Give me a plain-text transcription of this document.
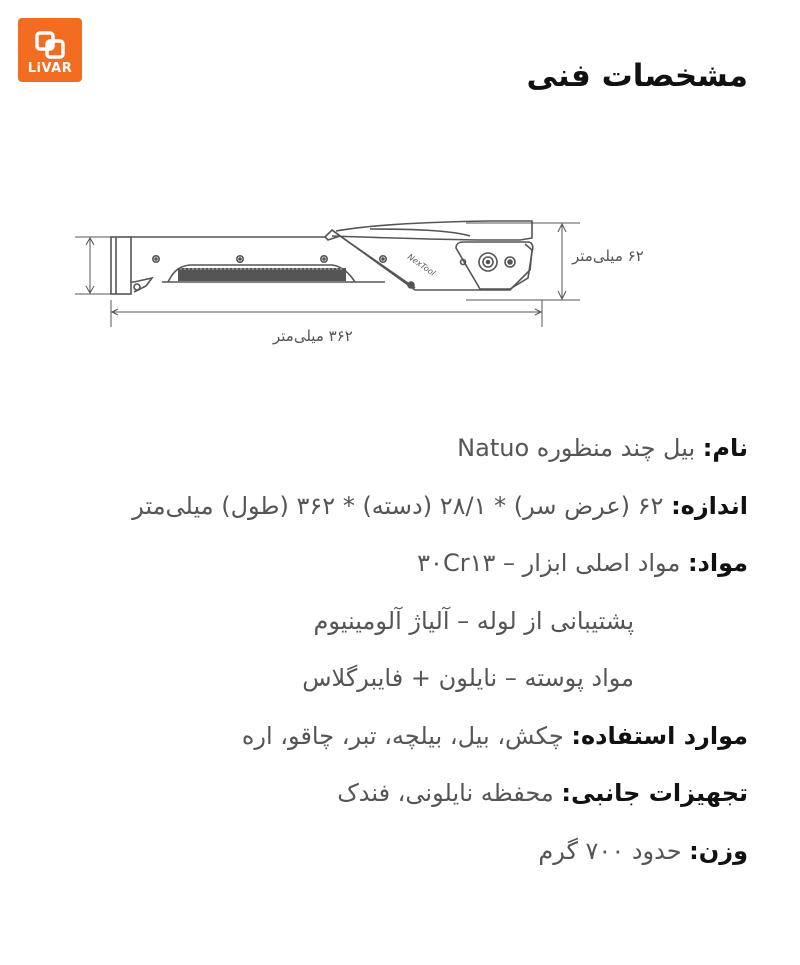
LiVAR	مشخصات فنی
NexTool	۶۲ میلی‌متر
۳۶۲ میلی‌متر
نام: بیل چند منظوره Natuo
اندازه: ۶۲ (عرض سر) * ۲۸/۱ (دسته) * ۳۶۲ (طول) میلی‌متر
مواد: مواد اصلی ابزار – ۳۰Cr۱۳
پشتیبانی از لوله – آلیاژ آلومینیوم
مواد پوسته – نایلون + فایبرگلاس
موارد استفاده: چکش، بیل، بیلچه، تبر، چاقو، اره
تجهیزات جانبی: محفظه نایلونی، فندک
وزن: حدود ۷۰۰ گرم
